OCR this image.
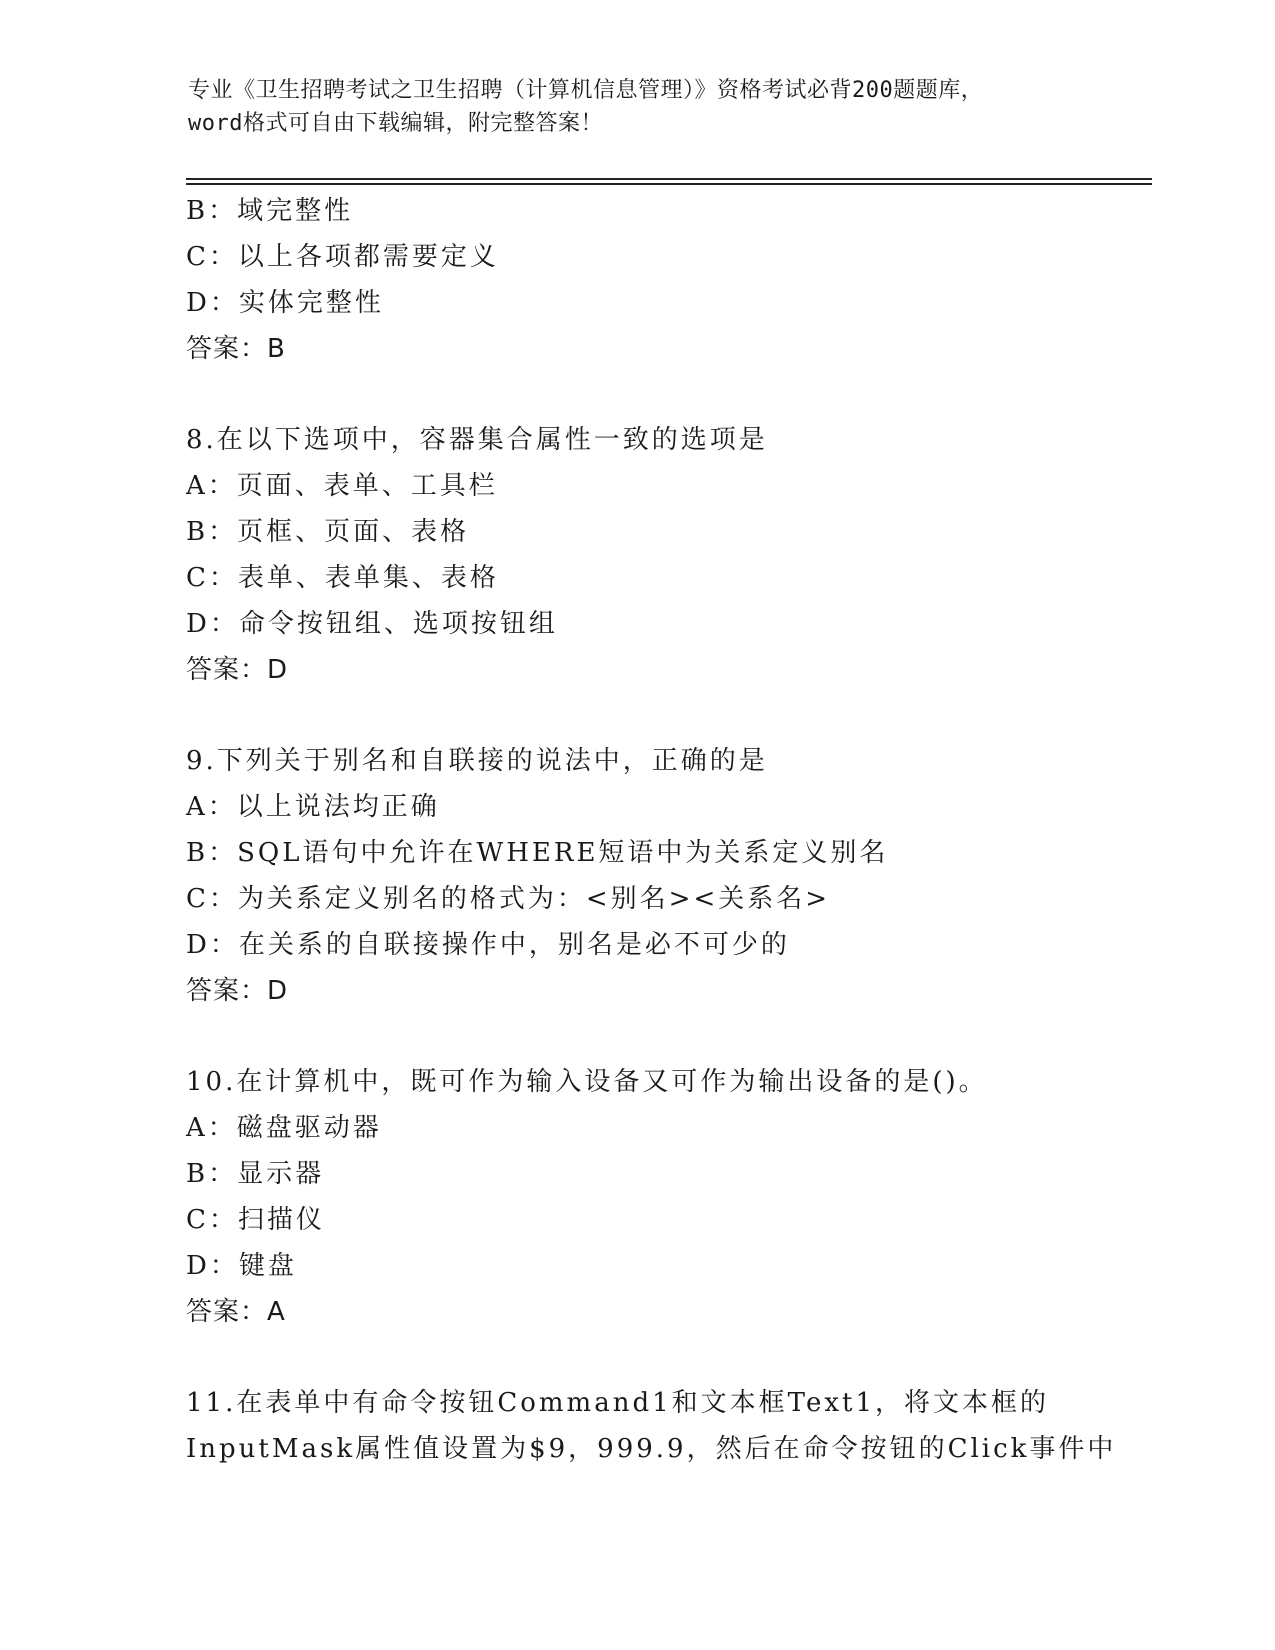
专业《卫生招聘考试之卫生招聘（计算机信息管理）》资格考试必背200题题库，
word格式可自由下载编辑，附完整答案！
B：域完整性
C：以上各项都需要定义
D：实体完整性
答案：B
8.在以下选项中，容器集合属性一致的选项是
A：页面、表单、工具栏
B：页框、页面、表格
C：表单、表单集、表格
D：命令按钮组、选项按钮组
答案：D
9.下列关于别名和自联接的说法中，正确的是
A：以上说法均正确
B：SQL语句中允许在WHERE短语中为关系定义别名
C：为关系定义别名的格式为：<别名><关系名>
D：在关系的自联接操作中，别名是必不可少的
答案：D
10.在计算机中，既可作为输入设备又可作为输出设备的是()。
A：磁盘驱动器
B：显示器
C：扫描仪
D：键盘
答案：A
11.在表单中有命令按钮Command1和文本框Text1，将文本框的
InputMask属性值设置为$9，999.9，然后在命令按钮的Click事件中
